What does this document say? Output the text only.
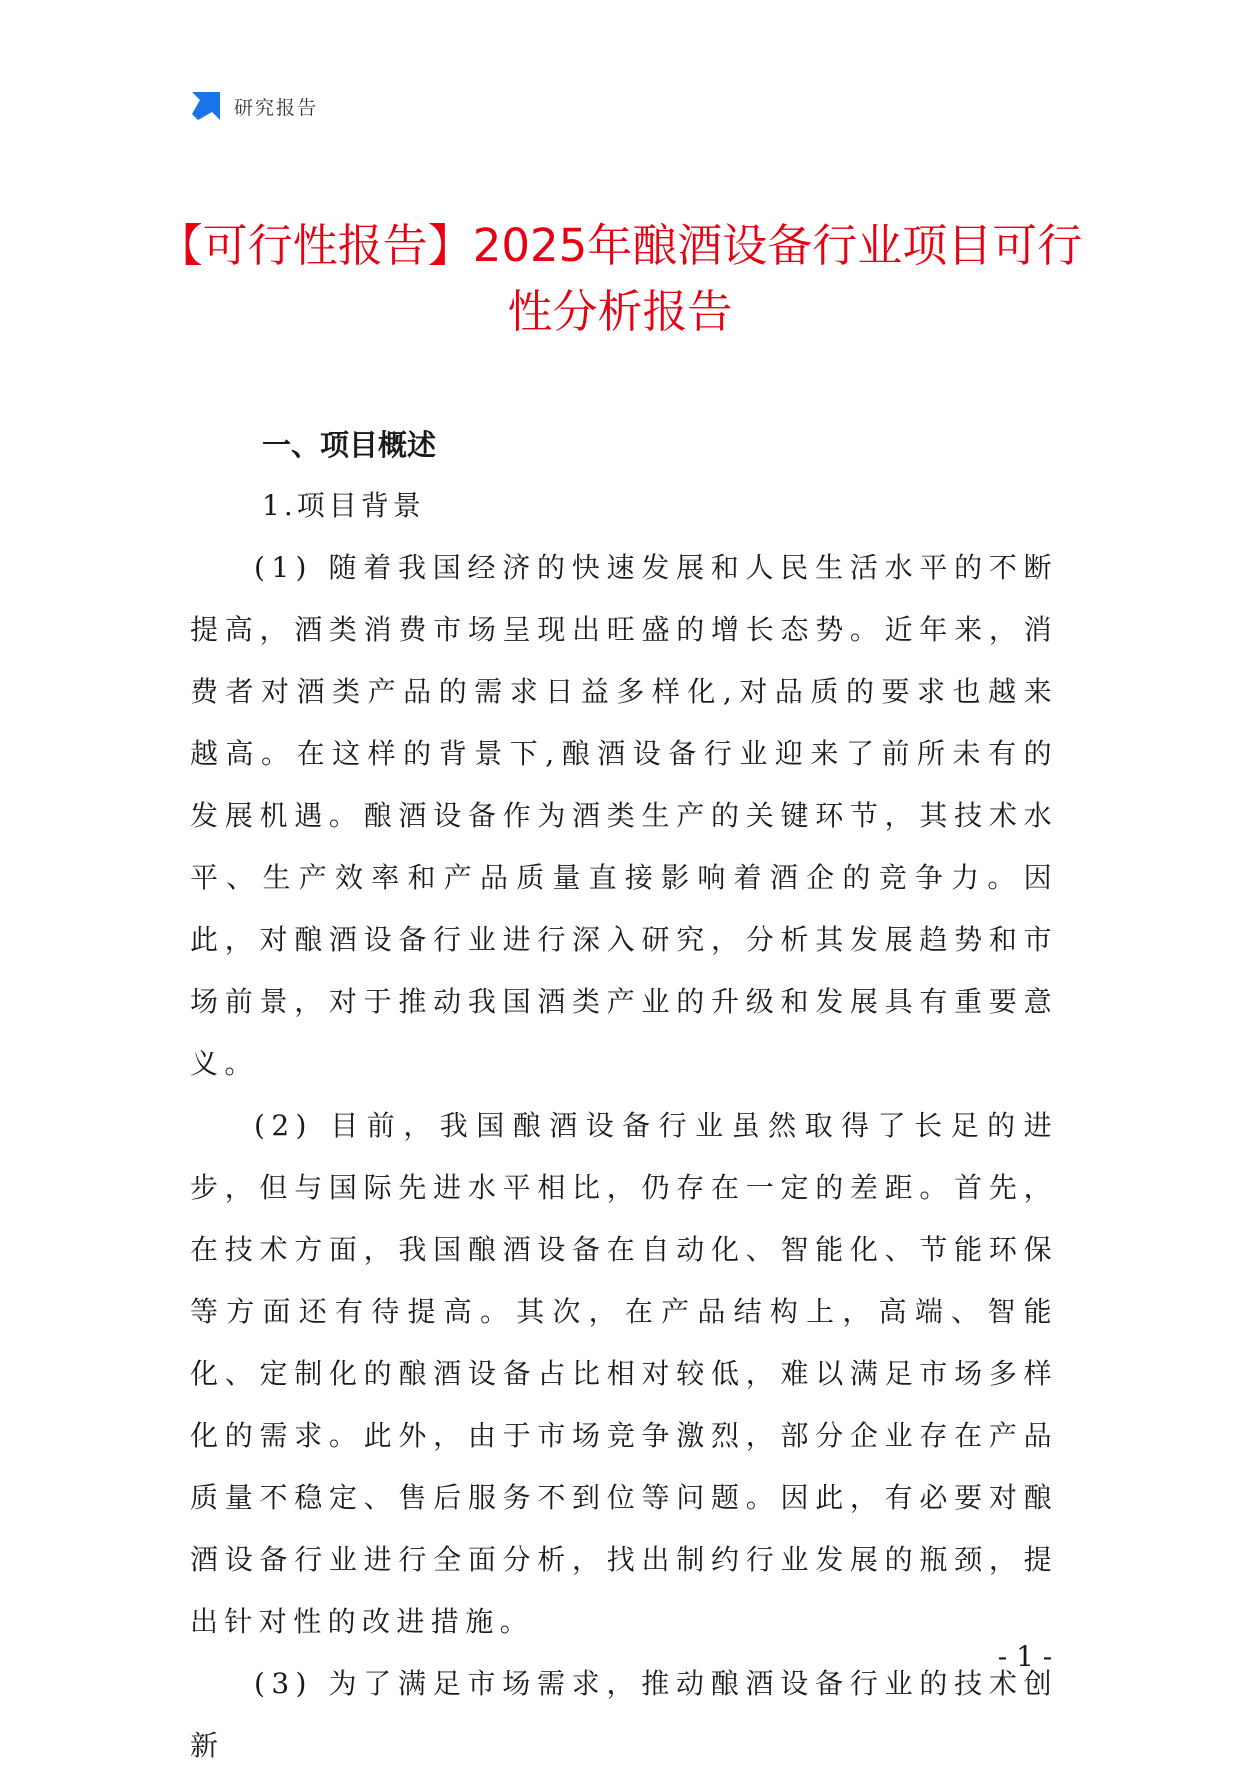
研究报告
【可行性报告】2025年酿酒设备行业项目可行性分析报告
一、项目概述
1.项目背景

(1) 随着我国经济的快速发展和人民生活水平的不断提高，酒类消费市场呈现出旺盛的增长态势。近年来，消费者对酒类产品的需求日益多样化,对品质的要求也越来越高。在这样的背景下,酿酒设备行业迎来了前所未有的发展机遇。酿酒设备作为酒类生产的关键环节，其技术水平、生产效率和产品质量直接影响着酒企的竞争力。因此，对酿酒设备行业进行深入研究，分析其发展趋势和市场前景，对于推动我国酒类产业的升级和发展具有重要意义。

(2) 目前，我国酿酒设备行业虽然取得了长足的进步，但与国际先进水平相比，仍存在一定的差距。首先，在技术方面，我国酿酒设备在自动化、智能化、节能环保等方面还有待提高。其次，在产品结构上，高端、智能化、定制化的酿酒设备占比相对较低，难以满足市场多样化的需求。此外，由于市场竞争激烈，部分企业存在产品质量不稳定、售后服务不到位等问题。因此，有必要对酿酒设备行业进行全面分析，找出制约行业发展的瓶颈，提出针对性的改进措施。

(3) 为了满足市场需求，推动酿酒设备行业的技术创新

- 1 -
